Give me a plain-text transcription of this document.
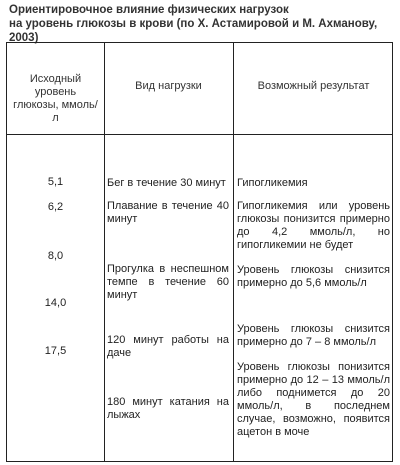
Ориентировочное влияние физических нагрузок
на уровень глюкозы в крови (по Х. Астамировой и М. Ахманову, 2003)
Исходный уровень глюкозы, ммоль/л
Вид нагрузки	Возможный результат
5,1
6,2
8,0
14,0
17,5
Бег в течение 30 минут
Плавание в течение 40 минут
Прогулка в неспешном темпе в течение 60 минут
120 минут работы на даче
180 минут катания на лыжах
Гипогликемия
Гипогликемия или уровень глюкозы понизится примерно до 4,2 ммоль/л, но гипогликемии не будет
Уровень глюкозы снизится примерно до 5,6 ммоль/л
Уровень глюкозы снизится примерно до 7 – 8 ммоль/л
Уровень глюкозы понизится примерно до 12 – 13 ммоль/л либо поднимется до 20 ммоль/л, в последнем случае, возможно, появится ацетон в моче
